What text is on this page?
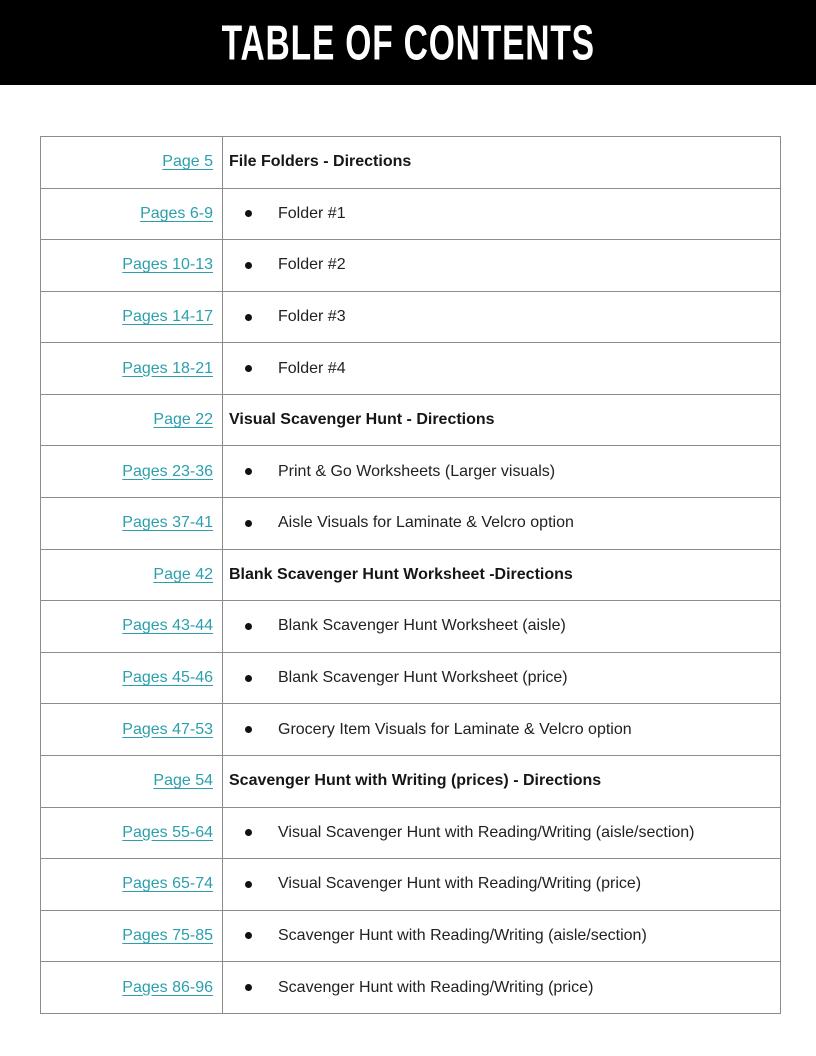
TABLE OF CONTENTS
Page 5	File Folders - Directions

Pages 6-9	Folder #1

Pages 10-13	Folder #2

Pages 14-17	Folder #3

Pages 18-21	Folder #4

Page 22	Visual Scavenger Hunt - Directions

Pages 23-36	Print & Go Worksheets (Larger visuals)

Pages 37-41	Aisle Visuals for Laminate & Velcro option

Page 42	Blank Scavenger Hunt Worksheet -Directions

Pages 43-44	Blank Scavenger Hunt Worksheet (aisle)

Pages 45-46	Blank Scavenger Hunt Worksheet (price)

Pages 47-53	Grocery Item Visuals for Laminate & Velcro option

Page 54	Scavenger Hunt with Writing (prices) - Directions

Pages 55-64	Visual Scavenger Hunt with Reading/Writing (aisle/section)

Pages 65-74	Visual Scavenger Hunt with Reading/Writing (price)

Pages 75-85	Scavenger Hunt with Reading/Writing (aisle/section)

Pages 86-96	Scavenger Hunt with Reading/Writing (price)
